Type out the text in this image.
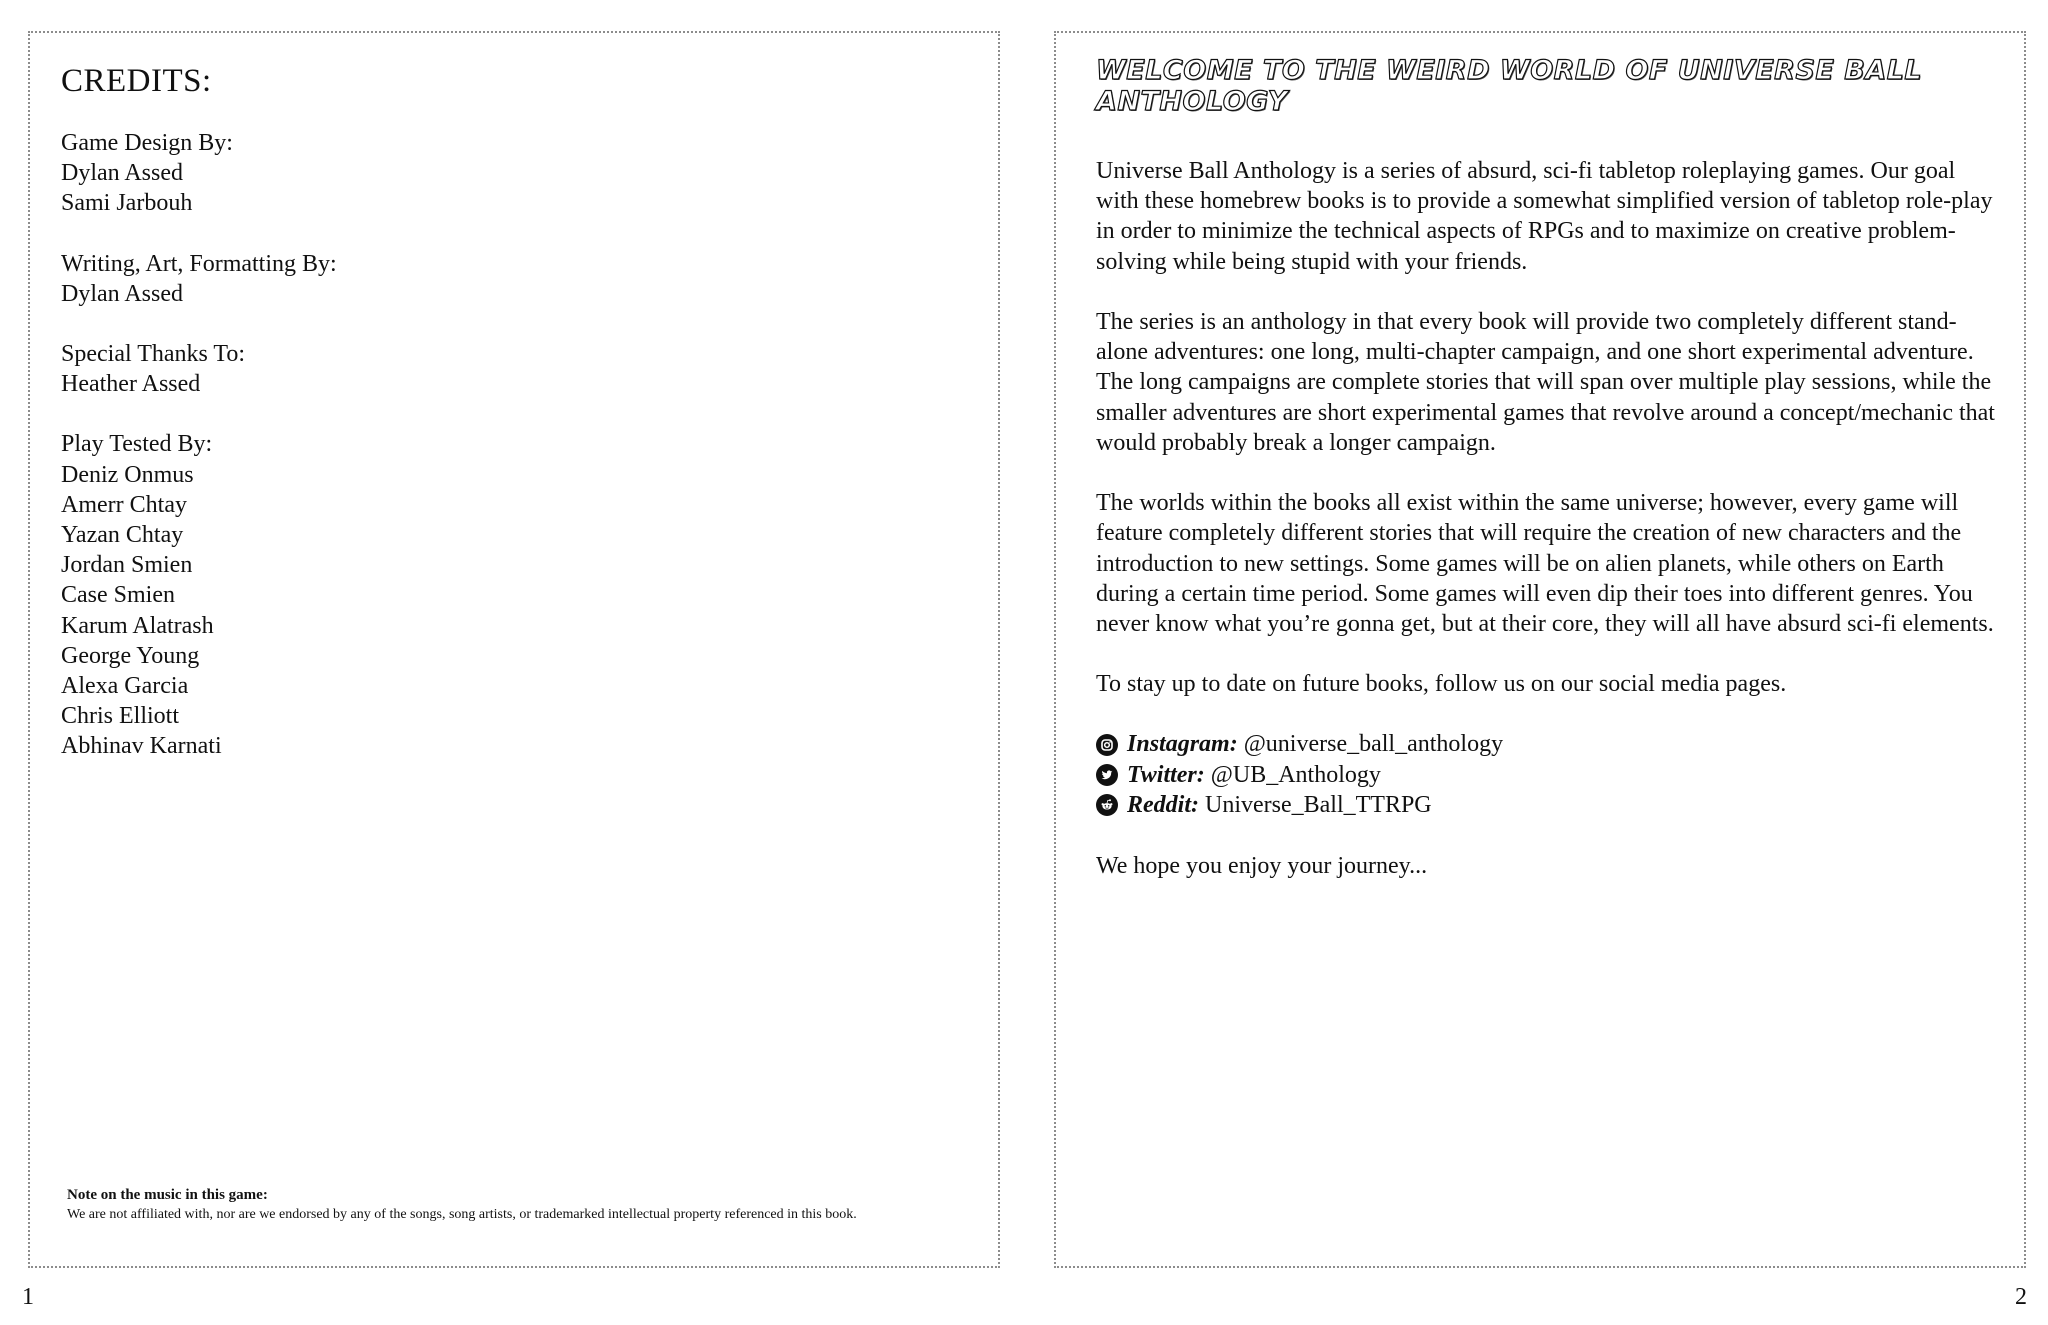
CREDITS:
Game Design By:
Dylan Assed
Sami Jarbouh
Writing, Art, Formatting By:
Dylan Assed
Special Thanks To:
Heather Assed
Play Tested By:
Deniz Onmus
Amerr Chtay
Yazan Chtay
Jordan Smien
Case Smien
Karum Alatrash
George Young
Alexa Garcia
Chris Elliott
Abhinav Karnati
Note on the music in this game:
We are not affiliated with, nor are we endorsed by any of the songs, song artists, or trademarked intellectual property referenced in this book.
WELCOME TO THE WEIRD WORLD OF UNIVERSE BALL ANTHOLOGY

Universe Ball Anthology is a series of absurd, sci-fi tabletop roleplaying games. Our goal with these homebrew books is to provide a somewhat simplified version of tabletop role-play in order to minimize the technical aspects of RPGs and to maximize on creative problem-solving while being stupid with your friends.

The series is an anthology in that every book will provide two completely different stand-alone adventures: one long, multi-chapter campaign, and one short experimental adventure. The long campaigns are complete stories that will span over multiple play sessions, while the smaller adventures are short experimental games that revolve around a concept/mechanic that would probably break a longer campaign.

The worlds within the books all exist within the same universe; however, every game will feature completely different stories that will require the creation of new characters and the introduction to new settings. Some games will be on alien planets, while others on Earth during a certain time period. Some games will even dip their toes into different genres. You never know what you’re gonna get, but at their core, they will all have absurd sci-fi elements.

To stay up to date on future books, follow us on our social media pages.

Instagram: @universe_ball_anthology
Twitter: @UB_Anthology
Reddit: Universe_Ball_TTRPG

We hope you enjoy your journey...

1	2
